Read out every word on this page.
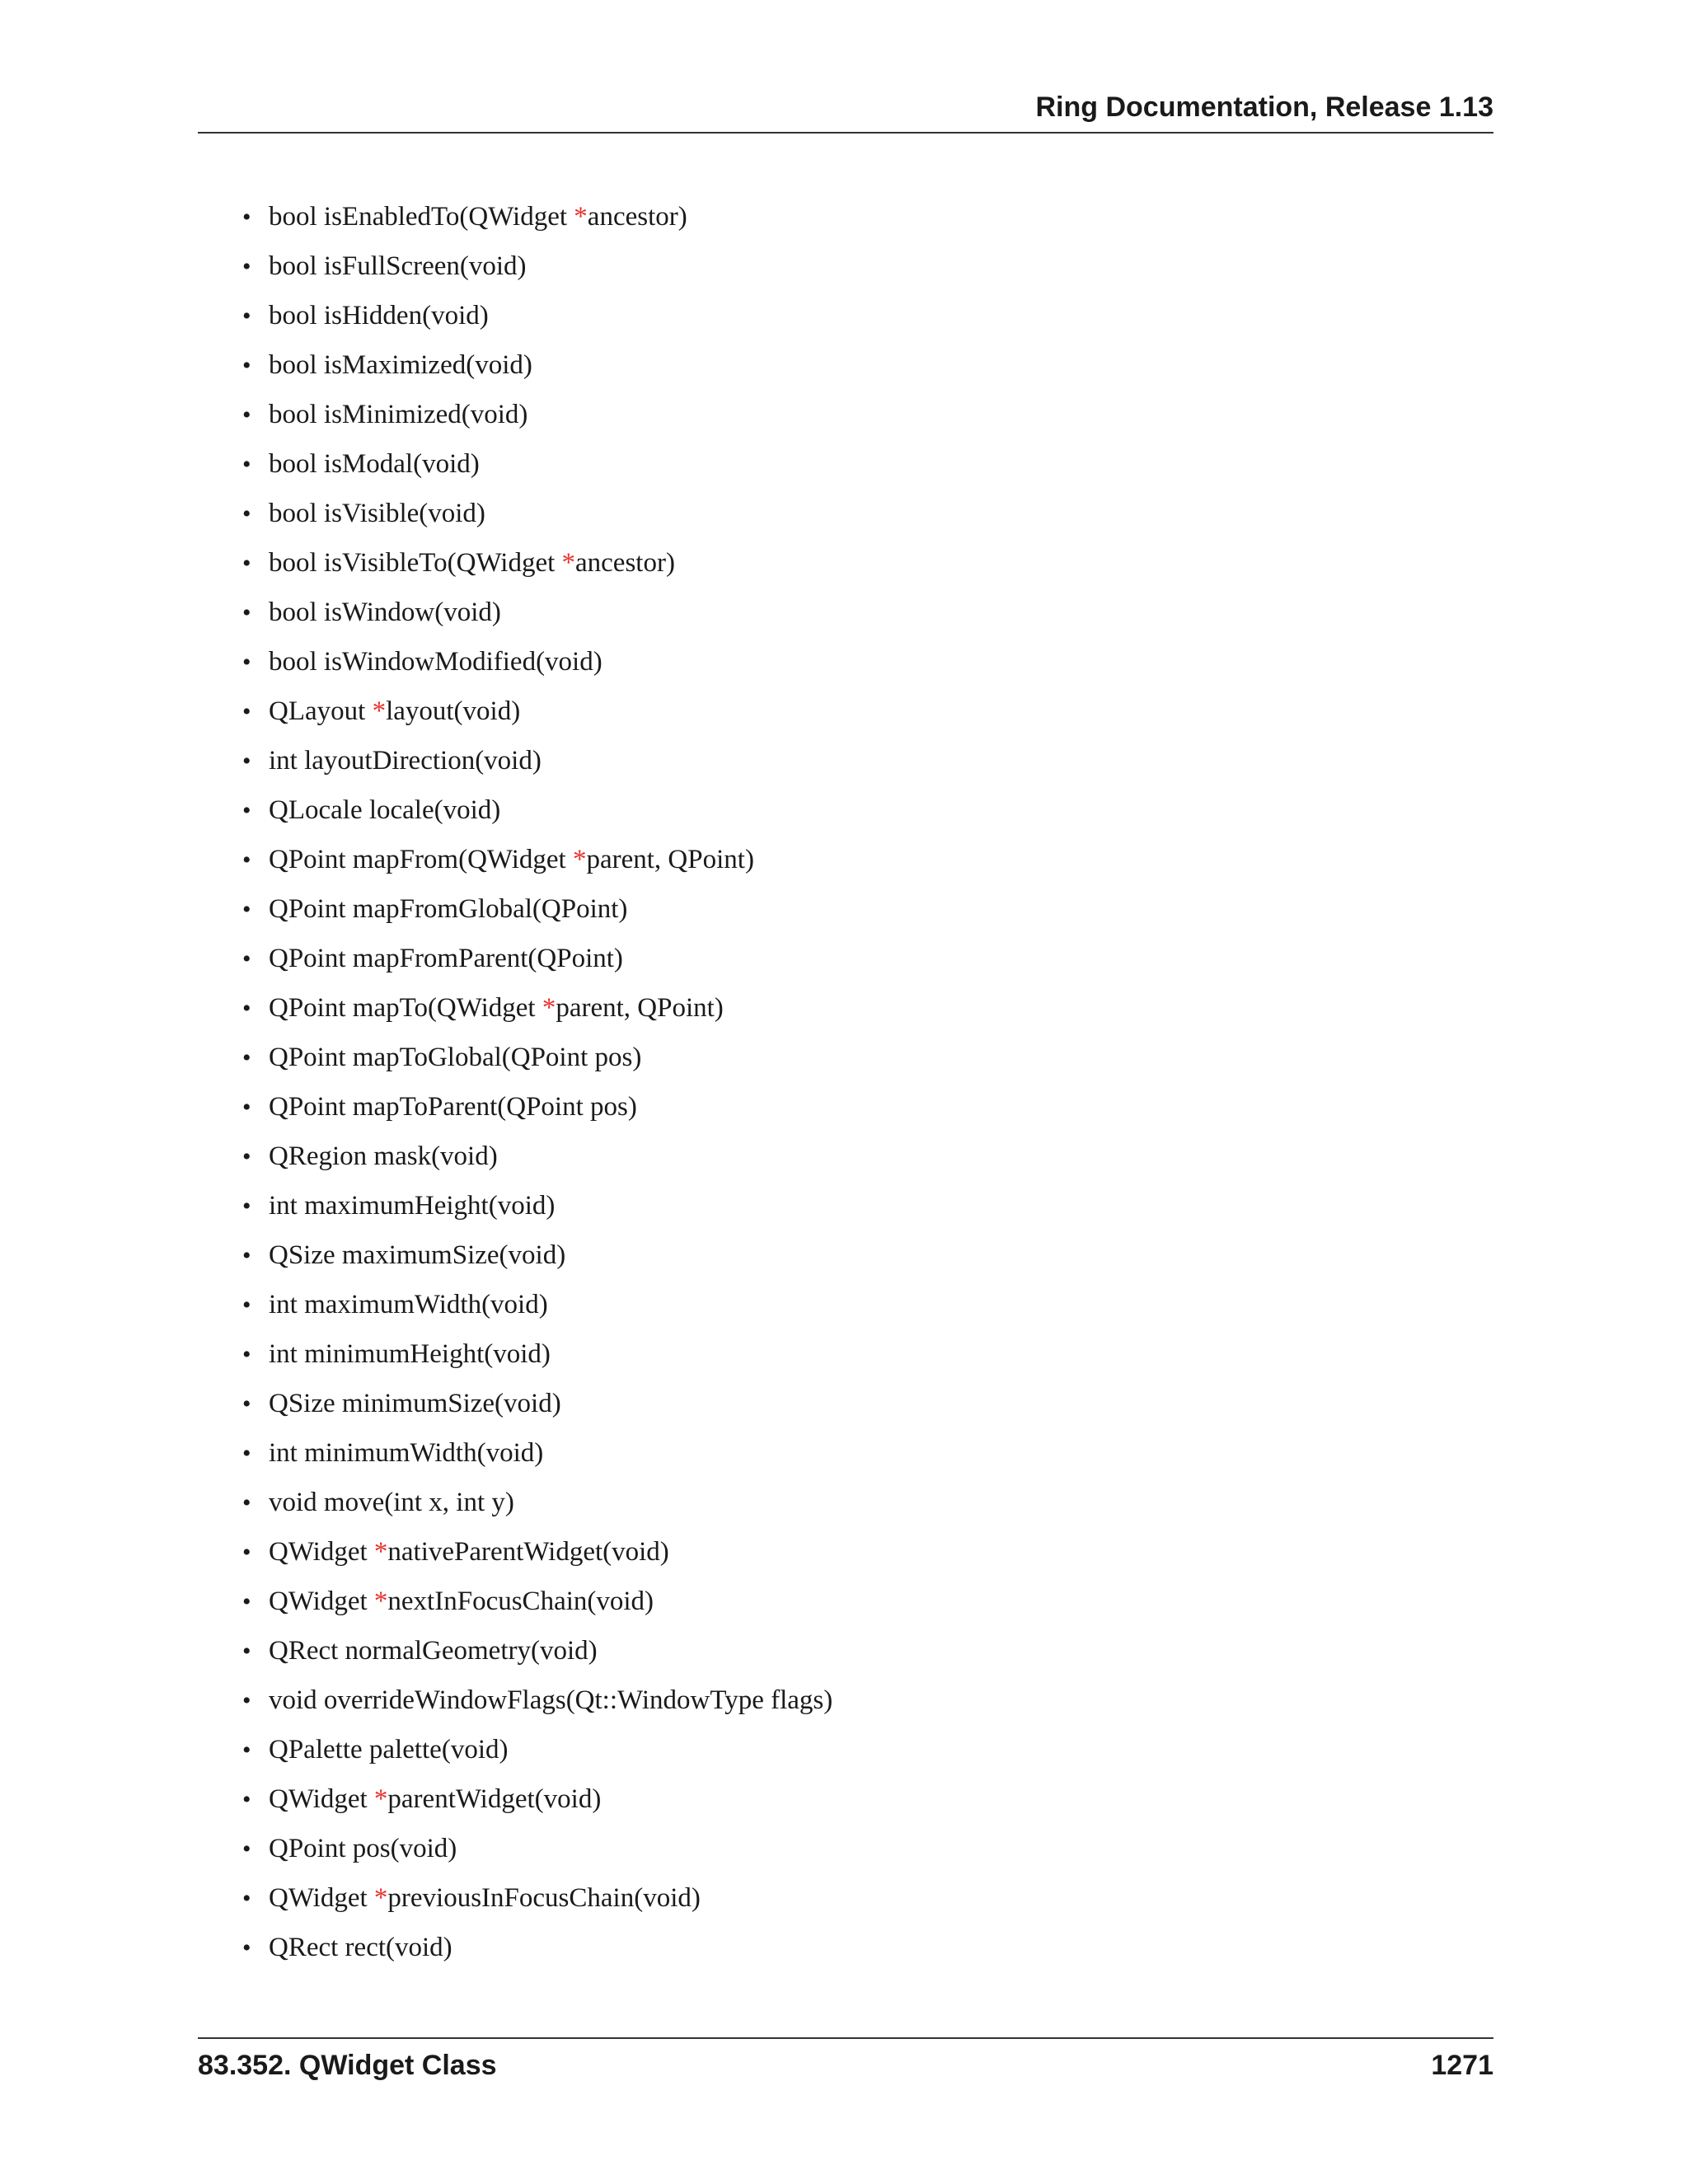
Ring Documentation, Release 1.13
• bool isEnabledTo(QWidget *ancestor)
• bool isFullScreen(void)
• bool isHidden(void)
• bool isMaximized(void)
• bool isMinimized(void)
• bool isModal(void)
• bool isVisible(void)
• bool isVisibleTo(QWidget *ancestor)
• bool isWindow(void)
• bool isWindowModified(void)
• QLayout *layout(void)
• int layoutDirection(void)
• QLocale locale(void)
• QPoint mapFrom(QWidget *parent, QPoint)
• QPoint mapFromGlobal(QPoint)
• QPoint mapFromParent(QPoint)
• QPoint mapTo(QWidget *parent, QPoint)
• QPoint mapToGlobal(QPoint pos)
• QPoint mapToParent(QPoint pos)
• QRegion mask(void)
• int maximumHeight(void)
• QSize maximumSize(void)
• int maximumWidth(void)
• int minimumHeight(void)
• QSize minimumSize(void)
• int minimumWidth(void)
• void move(int x, int y)
• QWidget *nativeParentWidget(void)
• QWidget *nextInFocusChain(void)
• QRect normalGeometry(void)
• void overrideWindowFlags(Qt::WindowType flags)
• QPalette palette(void)
• QWidget *parentWidget(void)
• QPoint pos(void)
• QWidget *previousInFocusChain(void)
• QRect rect(void)
83.352. QWidget Class	1271
